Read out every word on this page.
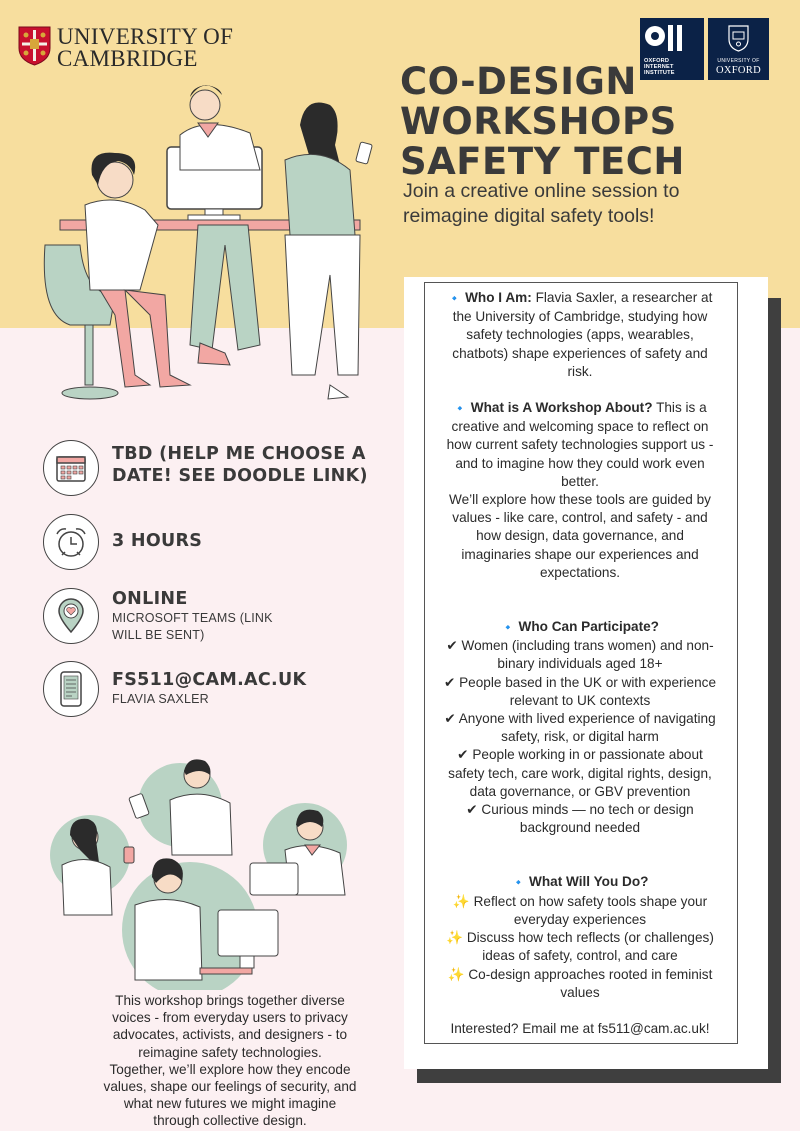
UNIVERSITY OF
CAMBRIDGE	OXFORD
INTERNET
INSTITUTE
UNIVERSITY OF
OXFORD
CO-DESIGN
WORKSHOPS
SAFETY TECH

Join a creative online session to
reimagine digital safety tools!

TBD (HELP ME CHOOSE A
DATE! SEE DOODLE LINK)
3 HOURS
ONLINE
MICROSOFT TEAMS (LINK
WILL BE SENT)
FS511@CAM.AC.UK
FLAVIA SAXLER
This workshop brings together diverse
voices - from everyday users to privacy
advocates, activists, and designers - to
reimagine safety technologies.
Together, we’ll explore how they encode
values, shape our feelings of security, and
what new futures we might imagine
through collective design.

🔹 Who I Am: Flavia Saxler, a researcher at
the University of Cambridge, studying how
safety technologies (apps, wearables,
chatbots) shape experiences of safety and
risk.

🔹 What is A Workshop About? This is a
creative and welcoming space to reflect on
how current safety technologies support us -
and to imagine how they could work even
better.
We’ll explore how these tools are guided by
values - like care, control, and safety - and
how design, data governance, and
imaginaries shape our experiences and
expectations.

🔹 Who Can Participate?
✔ Women (including trans women) and non-
binary individuals aged 18+
✔ People based in the UK or with experience
relevant to UK contexts
✔ Anyone with lived experience of navigating
safety, risk, or digital harm
✔ People working in or passionate about
safety tech, care work, digital rights, design,
data governance, or GBV prevention
✔ Curious minds — no tech or design
background needed

🔹 What Will You Do?
✨ Reflect on how safety tools shape your
everyday experiences
✨ Discuss how tech reflects (or challenges)
ideas of safety, control, and care
✨ Co-design approaches rooted in feminist
values

Interested? Email me at fs511@cam.ac.uk!
